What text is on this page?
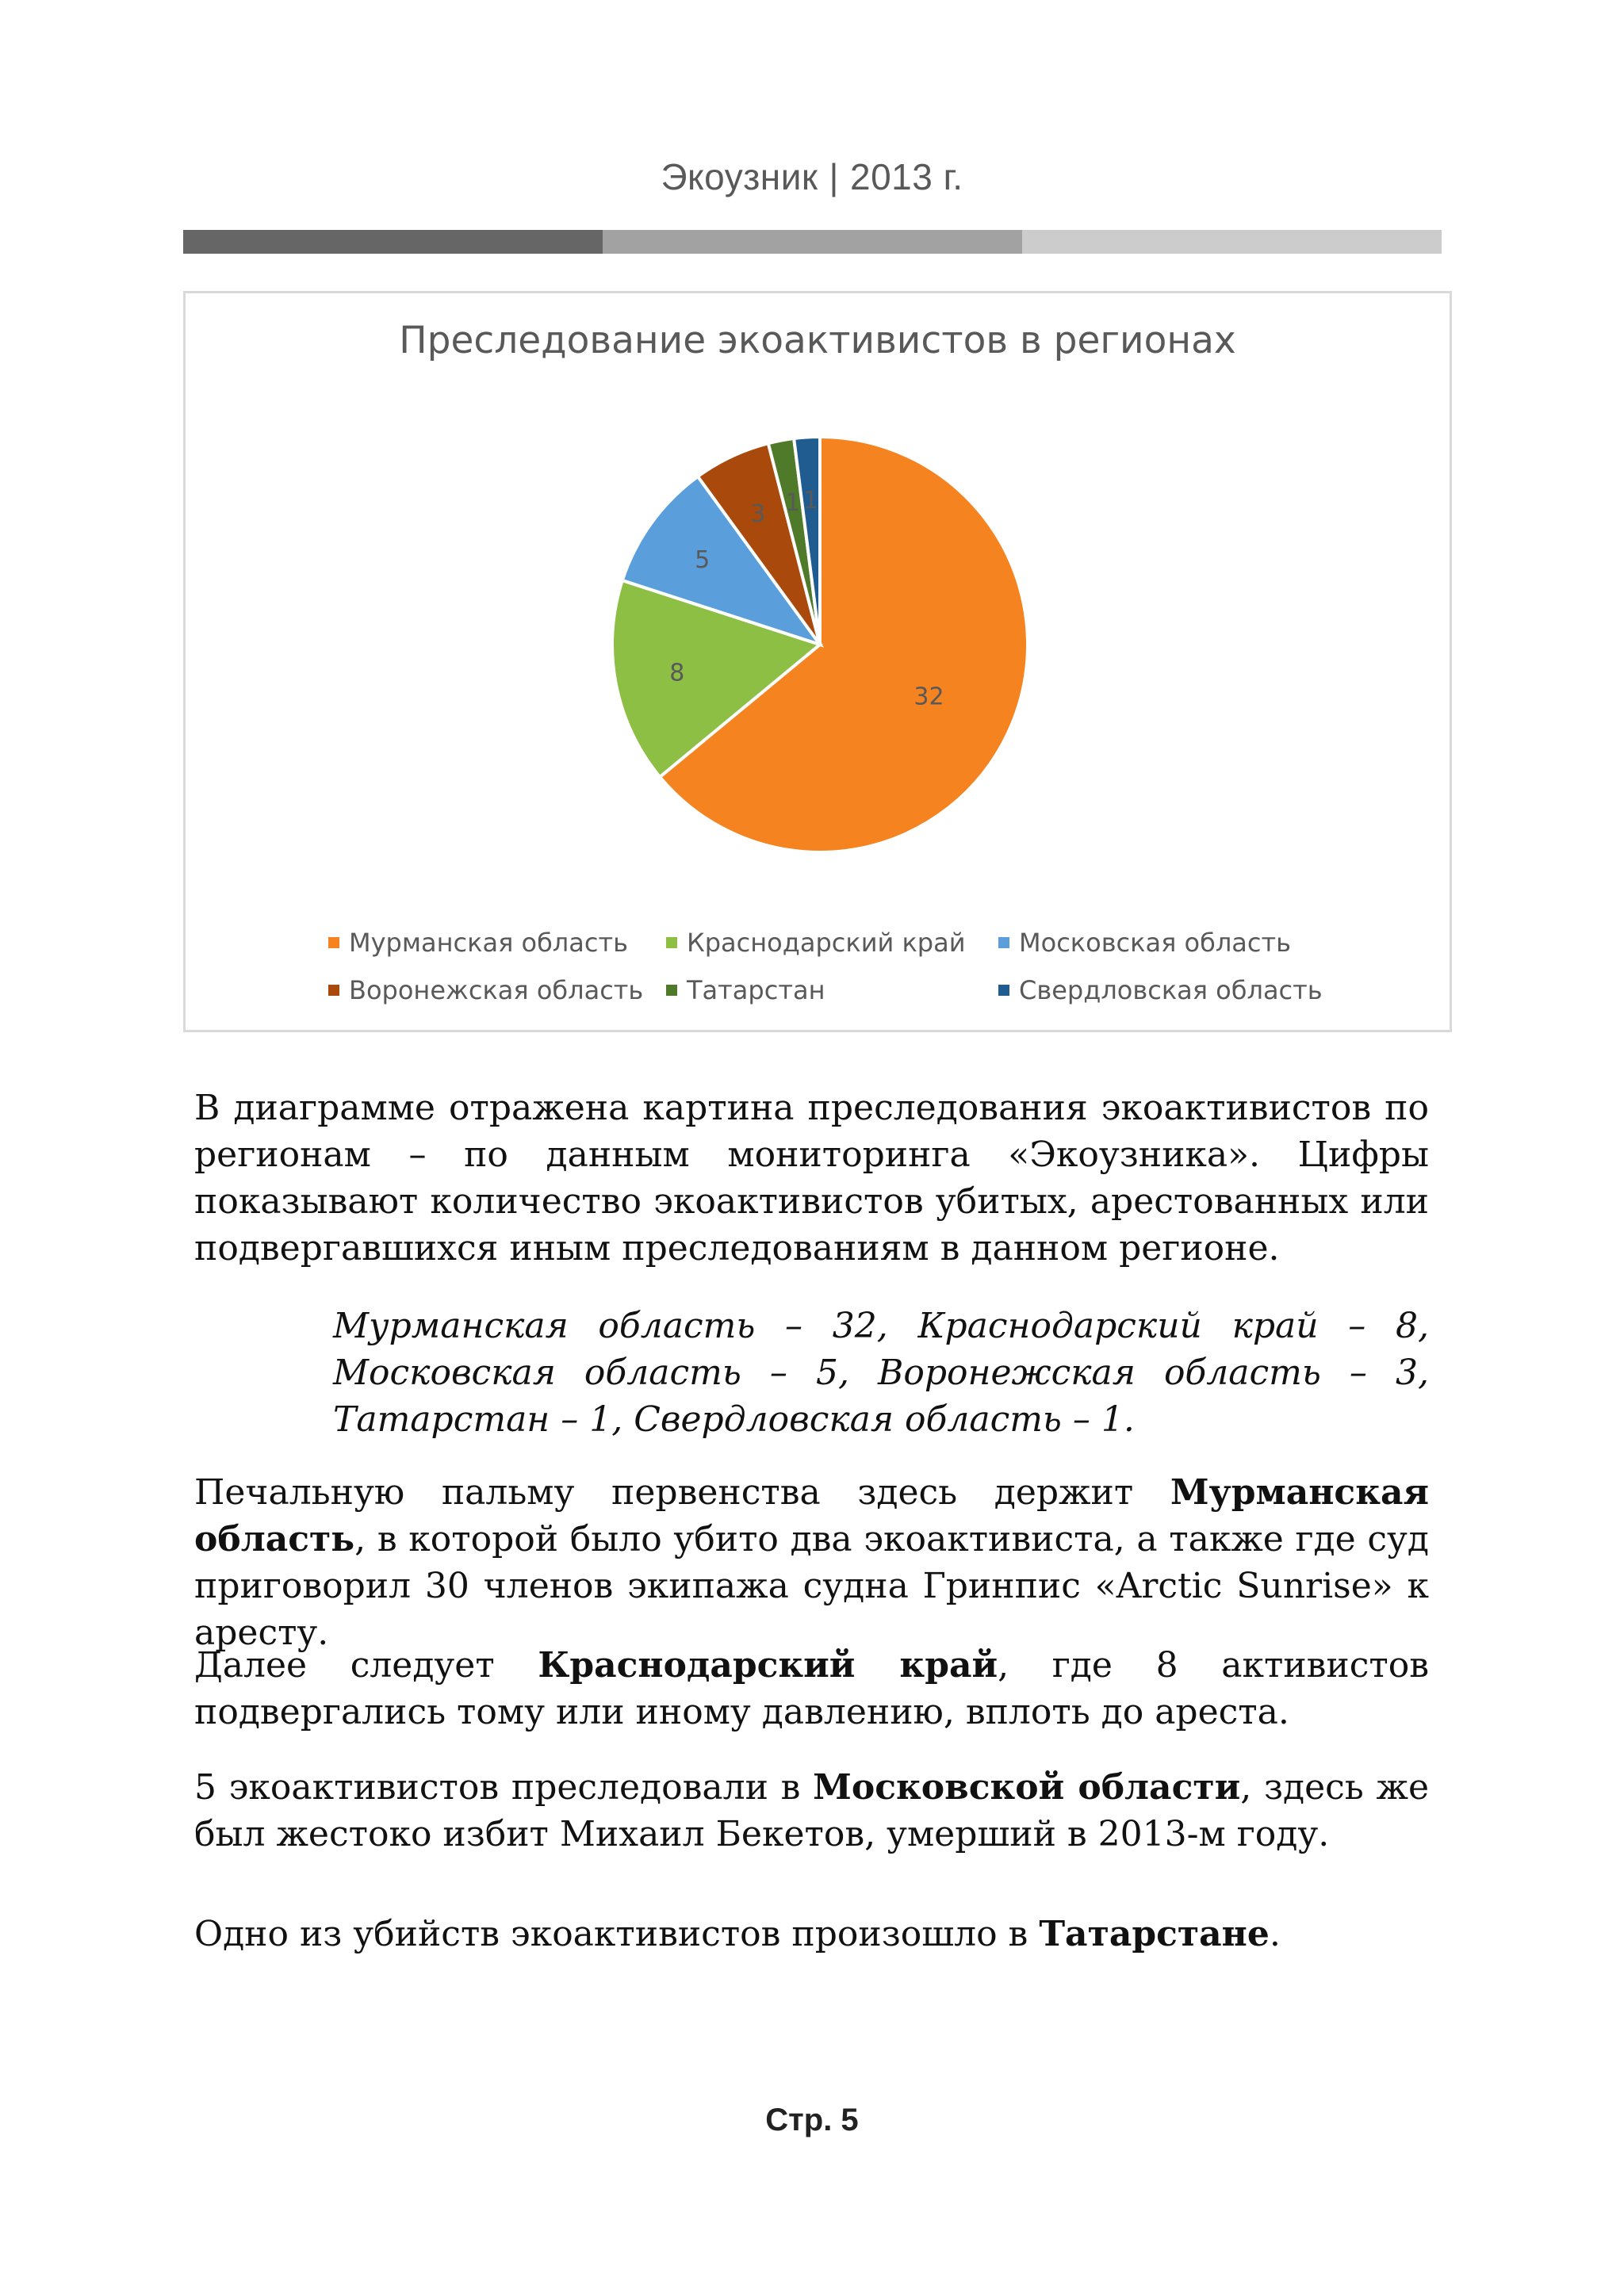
Экоузник | 2013 г.
Преследование экоактивистов в регионах
32
8
5
3 1 1
Мурманская область Краснодарский край Московская область
Воронежская область Татарстан	Свердловская область
В диаграмме отражена картина преследования экоактивистов по регионам – по данным мониторинга «Экоузника». Цифры показывают количество экоактивистов убитых, арестованных или подвергавшихся иным преследованиям в данном регионе.
Мурманская область – 32, Краснодарский край – 8, Московская область – 5, Воронежская область – 3, Татарстан – 1, Свердловская область – 1.
Печальную пальму первенства здесь держит Мурманская область, в которой было убито два экоактивиста, а также где суд приговорил 30 членов экипажа судна Гринпис «Arctic Sunrise» к аресту.
Далее следует Краснодарский край, где 8 активистов подвергались тому или иному давлению, вплоть до ареста.
5 экоактивистов преследовали в Московской области, здесь же был жестоко избит Михаил Бекетов, умерший в 2013-м году.
Одно из убийств экоактивистов произошло в Татарстане.
Стр. 5
